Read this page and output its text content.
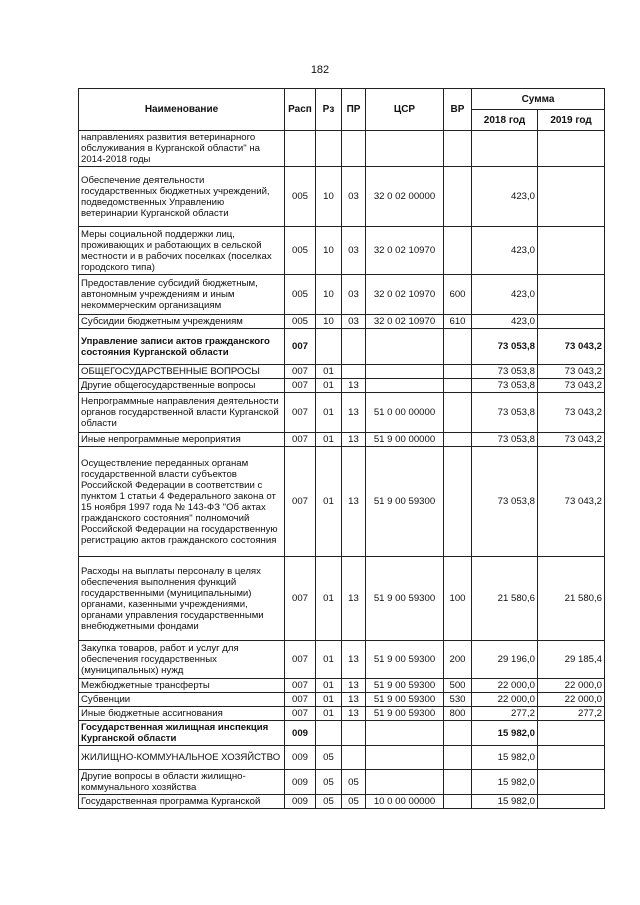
182
Наименование	Расп	Рз	ПР	ЦСР	ВР	Сумма	
						2018 год	2019 год
направлениях развития ветеринарного обслуживания в Курганской области" на 2014-2018 годы							
Обеспечение деятельности государственных бюджетных учреждений, подведомственных Управлению ветеринарии Курганской области	005	10	03	32 0 02 00000		423,0	
Меры социальной поддержки лиц, проживающих и работающих в сельской местности и в рабочих поселках (поселках городского типа)	005	10	03	32 0 02 10970		423,0	
Предоставление субсидий бюджетным, автономным учреждениям и иным некоммерческим организациям	005	10	03	32 0 02 10970	600	423,0	
Субсидии бюджетным учреждениям	005	10	03	32 0 02 10970	610	423,0	
Управление записи актов гражданского состояния Курганской области	007					73 053,8	73 043,2
ОБЩЕГОСУДАРСТВЕННЫЕ ВОПРОСЫ	007	01				73 053,8	73 043,2
Другие общегосударственные вопросы	007	01	13			73 053,8	73 043,2
Непрограммные направления деятельности органов государственной власти Курганской области	007	01	13	51 0 00 00000		73 053,8	73 043,2
Иные непрограммные мероприятия	007	01	13	51 9 00 00000		73 053,8	73 043,2
Осуществление переданных органам государственной власти субъектов Российской Федерации в соответствии с пунктом 1 статьи 4 Федерального закона от 15 ноября 1997 года № 143-ФЗ "Об актах гражданского состояния" полномочий Российской Федерации на государственную регистрацию актов гражданского состояния	007	01	13	51 9 00 59300		73 053,8	73 043,2
Расходы на выплаты персоналу в целях обеспечения выполнения функций государственными (муниципальными) органами, казенными учреждениями, органами управления государственными внебюджетными фондами	007	01	13	51 9 00 59300	100	21 580,6	21 580,6
Закупка товаров, работ и услуг для обеспечения государственных (муниципальных) нужд	007	01	13	51 9 00 59300	200	29 196,0	29 185,4
Межбюджетные трансферты	007	01	13	51 9 00 59300	500	22 000,0	22 000,0
Субвенции	007	01	13	51 9 00 59300	530	22 000,0	22 000,0
Иные бюджетные ассигнования	007	01	13	51 9 00 59300	800	277,2	277,2
Государственная жилищная инспекция Курганской области	009					15 982,0	
ЖИЛИЩНО-КОММУНАЛЬНОЕ ХОЗЯЙСТВО	009	05				15 982,0	
Другие вопросы в области жилищно-коммунального хозяйства	009	05	05			15 982,0	
Государственная программа Курганской	009	05	05	10 0 00 00000		15 982,0	
